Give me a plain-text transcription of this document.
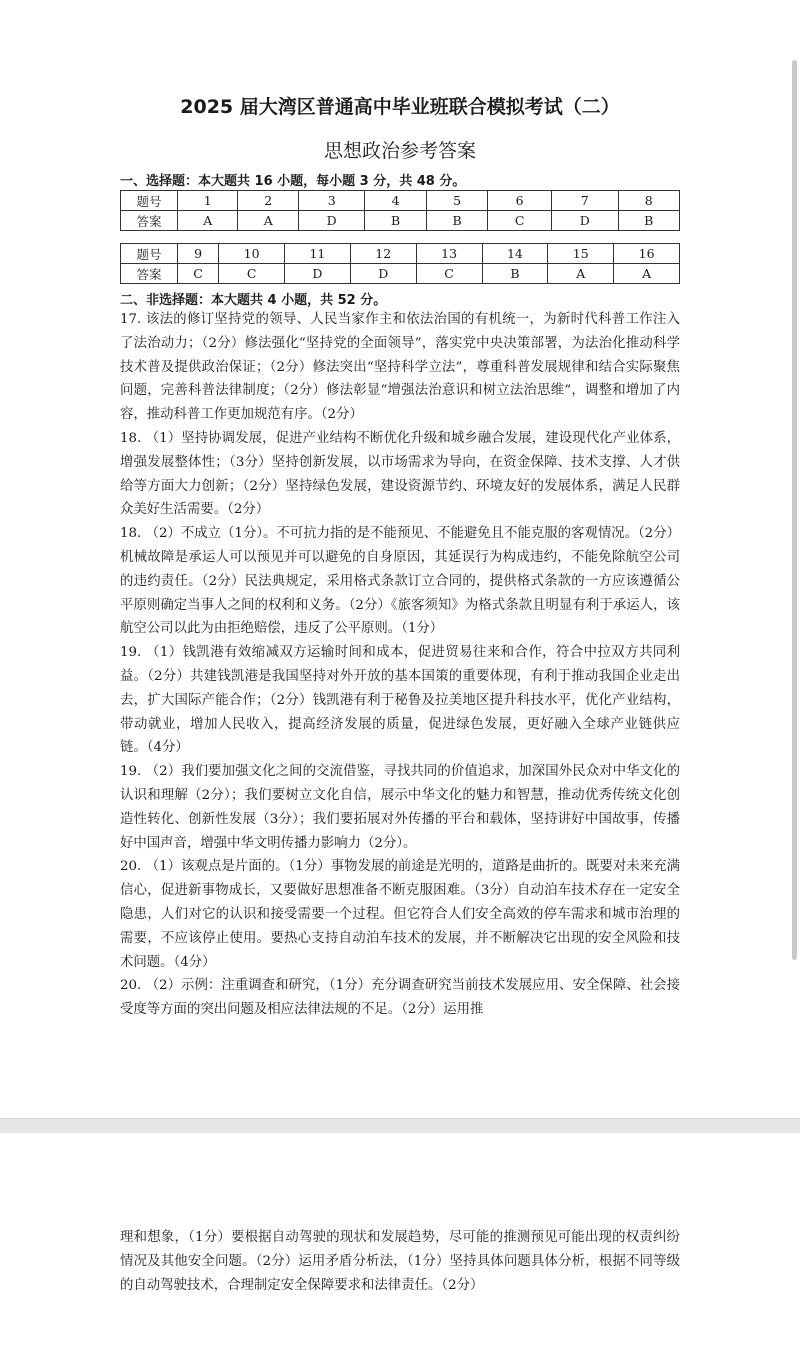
2025 届大湾区普通高中毕业班联合模拟考试（二）
思想政治参考答案
一、选择题：本大题共 16 小题，每小题 3 分，共 48 分。
题号	1	2	3	4	5	6	7	8
答案	A	A	D	B	B	C	D	B
题号	9	10	11	12	13	14	15	16
答案	C	C	D	D	C	B	A	A
二、非选择题：本大题共 4 小题，共 52 分。

17. 该法的修订坚持党的领导、人民当家作主和依法治国的有机统一，为新时代科普工作注入了法治动力；（2分）修法强化“坚持党的全面领导”，落实党中央决策部署，为法治化推动科学技术普及提供政治保证；（2分）修法突出“坚持科学立法”，尊重科普发展规律和结合实际聚焦问题，完善科普法律制度；（2分）修法彰显“增强法治意识和树立法治思维”，调整和增加了内容，推动科普工作更加规范有序。（2分）

18. （1）坚持协调发展，促进产业结构不断优化升级和城乡融合发展，建设现代化产业体系，增强发展整体性；（3分）坚持创新发展，以市场需求为导向，在资金保障、技术支撑、人才供给等方面大力创新；（2分）坚持绿色发展，建设资源节约、环境友好的发展体系，满足人民群众美好生活需要。（2分）

18. （2）不成立（1分）。不可抗力指的是不能预见、不能避免且不能克服的客观情况。（2分）机械故障是承运人可以预见并可以避免的自身原因，其延误行为构成违约，不能免除航空公司的违约责任。（2分）民法典规定，采用格式条款订立合同的，提供格式条款的一方应该遵循公平原则确定当事人之间的权利和义务。（2分）《旅客须知》为格式条款且明显有利于承运人，该航空公司以此为由拒绝赔偿，违反了公平原则。（1分）

19. （1）钱凯港有效缩减双方运输时间和成本，促进贸易往来和合作，符合中拉双方共同利益。（2分）共建钱凯港是我国坚持对外开放的基本国策的重要体现，有利于推动我国企业走出去，扩大国际产能合作；（2分）钱凯港有利于秘鲁及拉美地区提升科技水平，优化产业结构，带动就业，增加人民收入，提高经济发展的质量，促进绿色发展，更好融入全球产业链供应链。（4分）

19. （2）我们要加强文化之间的交流借鉴，寻找共同的价值追求，加深国外民众对中华文化的认识和理解（2分）；我们要树立文化自信，展示中华文化的魅力和智慧，推动优秀传统文化创造性转化、创新性发展（3分）；我们要拓展对外传播的平台和载体，坚持讲好中国故事，传播好中国声音，增强中华文明传播力影响力（2分）。

20. （1）该观点是片面的。（1分）事物发展的前途是光明的，道路是曲折的。既要对未来充满信心，促进新事物成长，又要做好思想准备不断克服困难。（3分）自动泊车技术存在一定安全隐患，人们对它的认识和接受需要一个过程。但它符合人们安全高效的停车需求和城市治理的需要，不应该停止使用。要热心支持自动泊车技术的发展，并不断解决它出现的安全风险和技术问题。（4分）

20. （2）示例：注重调查和研究，（1分）充分调查研究当前技术发展应用、安全保障、社会接受度等方面的突出问题及相应法律法规的不足。（2分）运用推

理和想象，（1分）要根据自动驾驶的现状和发展趋势，尽可能的推测预见可能出现的权责纠纷情况及其他安全问题。（2分）运用矛盾分析法，（1分）坚持具体问题具体分析，根据不同等级的自动驾驶技术，合理制定安全保障要求和法律责任。（2分）
